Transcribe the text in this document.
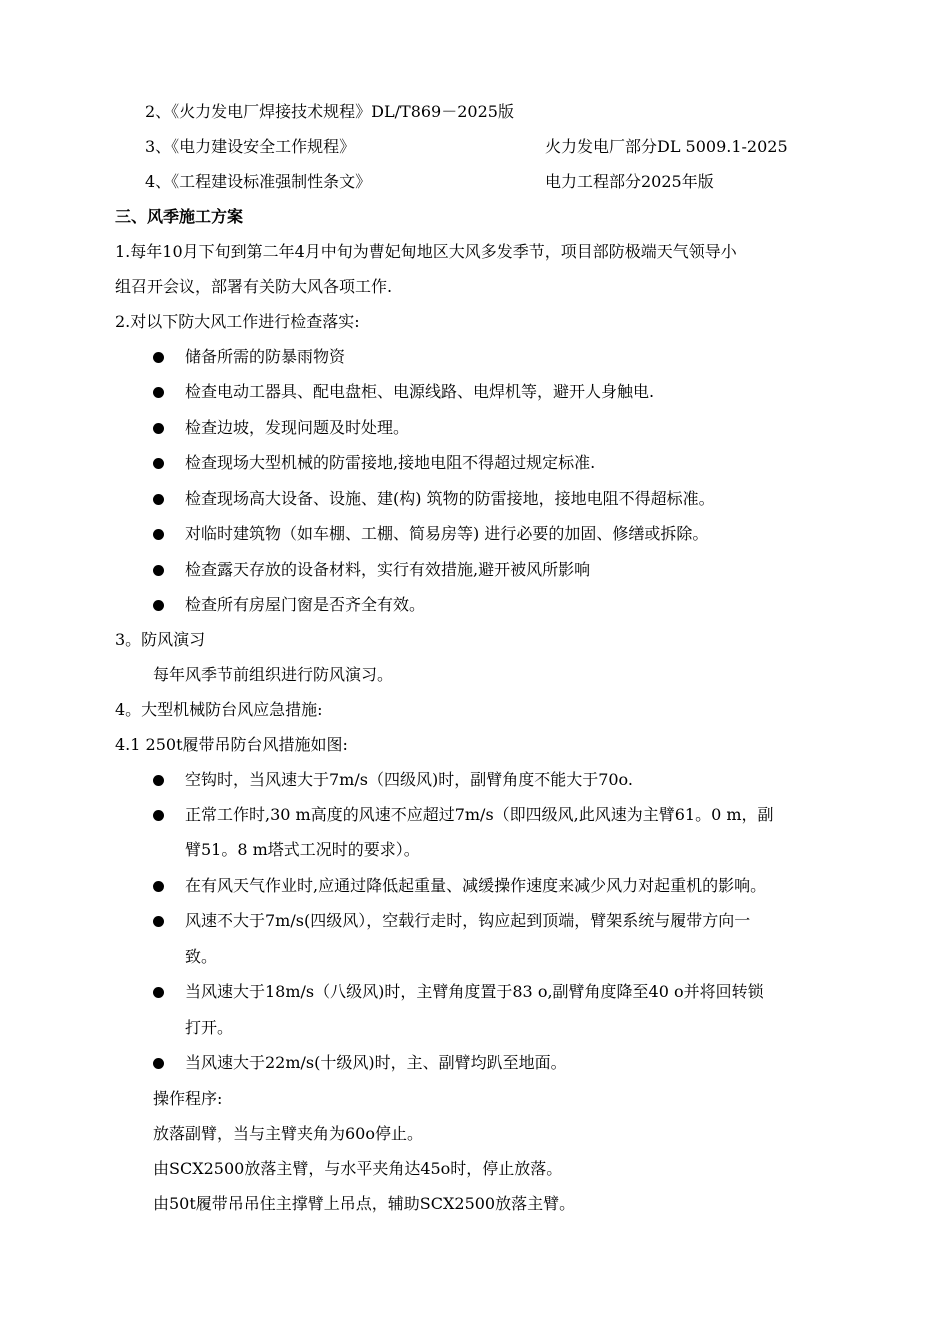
2、《火力发电厂焊接技术规程》DL/T869－2025版
3、《电力建设安全工作规程》	火力发电厂部分DL 5009.1-2025
4、《工程建设标准强制性条文》	电力工程部分2025年版
三、风季施工方案
1.每年10月下旬到第二年4月中旬为曹妃甸地区大风多发季节，项目部防极端天气领导小
组召开会议，部署有关防大风各项工作.
2.对以下防大风工作进行检查落实:
储备所需的防暴雨物资
检查电动工器具、配电盘柜、电源线路、电焊机等，避开人身触电.
检查边坡，发现问题及时处理。
检查现场大型机械的防雷接地,接地电阻不得超过规定标准.
检查现场高大设备、设施、建(构) 筑物的防雷接地，接地电阻不得超标准。
对临时建筑物（如车棚、工棚、简易房等) 进行必要的加固、修缮或拆除。
检查露天存放的设备材料，实行有效措施,避开被风所影响
检查所有房屋门窗是否齐全有效。
3。防风演习
每年风季节前组织进行防风演习。
4。大型机械防台风应急措施:
4.1 250t履带吊防台风措施如图:
空钩时，当风速大于7m/s（四级风)时，副臂角度不能大于70o.
正常工作时,30 m高度的风速不应超过7m/s（即四级风,此风速为主臂61。0 m，副
臂51。8 m塔式工况时的要求）。
在有风天气作业时,应通过降低起重量、减缓操作速度来减少风力对起重机的影响。
风速不大于7m/s(四级风），空载行走时，钩应起到顶端，臂架系统与履带方向一
致。
当风速大于18m/s（八级风)时，主臂角度置于83 o,副臂角度降至40 o并将回转锁
打开。
当风速大于22m/s(十级风)时，主、副臂均趴至地面。
操作程序:
放落副臂，当与主臂夹角为60o停止。
由SCX2500放落主臂，与水平夹角达45o时，停止放落。
由50t履带吊吊住主撑臂上吊点，辅助SCX2500放落主臂。
